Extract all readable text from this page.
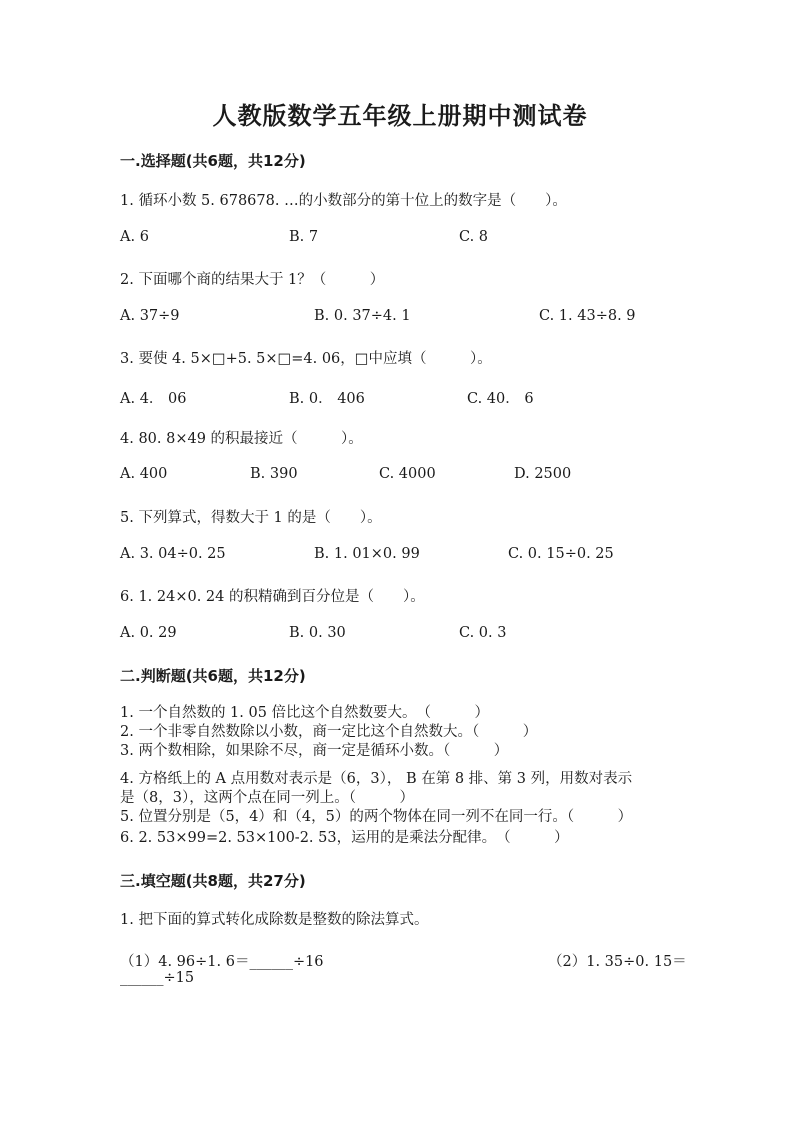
人教版数学五年级上册期中测试卷
一.选择题(共6题，共12分)
1. 循环小数 5. 678678. …的小数部分的第十位上的数字是（　　）。
A. 6	B. 7	C. 8
2. 下面哪个商的结果大于 1？（　　　）
A. 37÷9	B. 0. 37÷4. 1	C. 1. 43÷8. 9
3. 要使 4. 5×□+5. 5×□=4. 06，□中应填（　　　）。
A. 4． 06	B. 0． 406	C. 40． 6
4. 80. 8×49 的积最接近（　　　）。
A. 400	B. 390	C. 4000	D. 2500
5. 下列算式，得数大于 1 的是（　　）。
A. 3. 04÷0. 25	B. 1. 01×0. 99	C. 0. 15÷0. 25
6. 1. 24×0. 24 的积精确到百分位是（　　）。
A. 0. 29	B. 0. 30	C. 0. 3
二.判断题(共6题，共12分)
1. 一个自然数的 1. 05 倍比这个自然数要大。　（　　　）
2. 一个非零自然数除以小数，商一定比这个自然数大。（　　　）
3. 两个数相除，如果除不尽，商一定是循环小数。（　　　）
4. 方格纸上的 A 点用数对表示是（6，3）， B 在第 8 排、第 3 列，用数对表示
是（8，3），这两个点在同一列上。（　　　）
5. 位置分别是（5，4）和（4，5）的两个物体在同一列不在同一行。（　　　）
6. 2. 53×99=2. 53×100-2. 53，运用的是乘法分配律。　（　　　）
三.填空题(共8题，共27分)
1. 把下面的算式转化成除数是整数的除法算式。
（1）4. 96÷1. 6＝______÷16	（2）1. 35÷0. 15＝
______÷15
